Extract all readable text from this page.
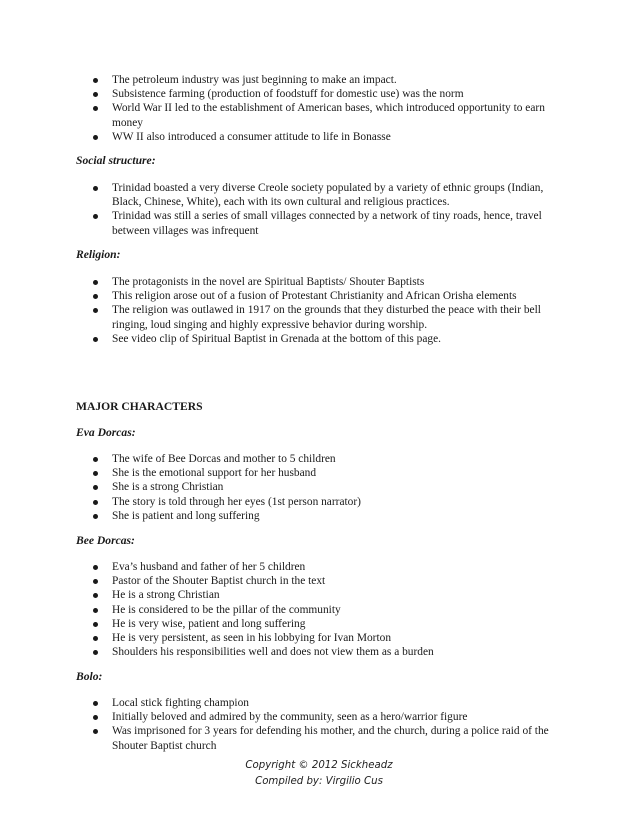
The petroleum industry was just beginning to make an impact.
Subsistence farming (production of foodstuff for domestic use) was the norm
World War II led to the establishment of American bases, which introduced opportunity to earn money
WW II also introduced a consumer attitude to life in Bonasse
Social structure:
Trinidad boasted a very diverse Creole society populated by a variety of ethnic groups (Indian, Black, Chinese, White), each with its own cultural and religious practices.
Trinidad was still a series of small villages connected by a network of tiny roads, hence, travel between villages was infrequent
Religion:
The protagonists in the novel are Spiritual Baptists/ Shouter Baptists
This religion arose out of a fusion of Protestant Christianity and African Orisha elements
The religion was outlawed in 1917 on the grounds that they disturbed the peace with their bell ringing, loud singing and highly expressive behavior during worship.
See video clip of Spiritual Baptist in Grenada at the bottom of this page.
MAJOR CHARACTERS
Eva Dorcas:
The wife of Bee Dorcas and mother to 5 children
She is the emotional support for her husband
She is a strong Christian
The story is told through her eyes (1st person narrator)
She is patient and long suffering
Bee Dorcas:
Eva’s husband and father of her 5 children
Pastor of the Shouter Baptist church in the text
He is a strong Christian
He is considered to be the pillar of the community
He is very wise, patient and long suffering
He is very persistent, as seen in his lobbying for Ivan Morton
Shoulders his responsibilities well and does not view them as a burden
Bolo:
Local stick fighting champion
Initially beloved and admired by the community, seen as a hero/warrior figure
Was imprisoned for 3 years for defending his mother, and the church, during a police raid of the Shouter Baptist church
Copyright © 2012 Sickheadz
Compiled by: Virgilio Cus
